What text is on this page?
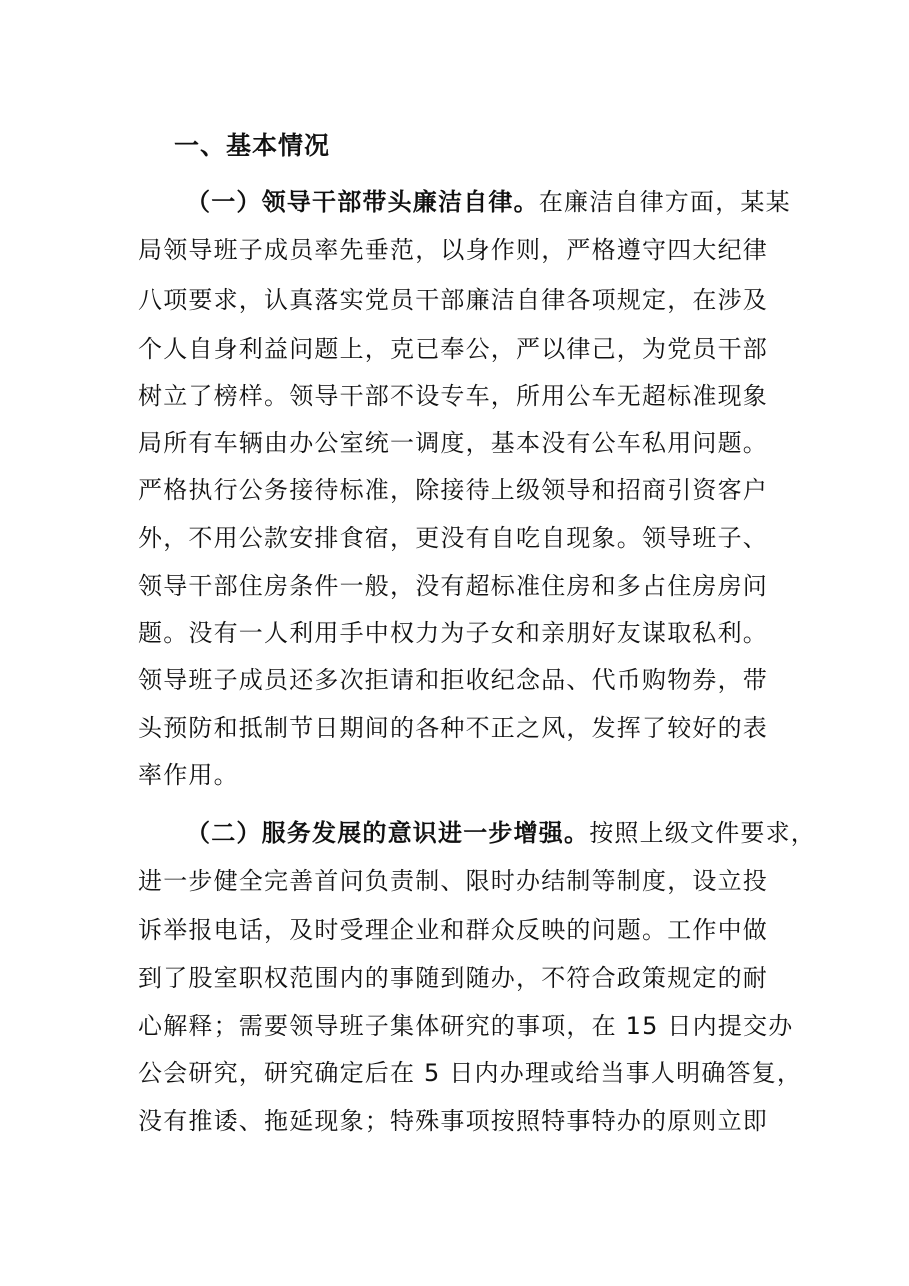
一、基本情况
（一）领导干部带头廉洁自律。在廉洁自律方面，某某
局领导班子成员率先垂范，以身作则，严格遵守四大纪律
八项要求，认真落实党员干部廉洁自律各项规定，在涉及
个人自身利益问题上，克已奉公，严以律己，为党员干部
树立了榜样。领导干部不设专车，所用公车无超标准现象
局所有车辆由办公室统一调度，基本没有公车私用问题。
严格执行公务接待标准，除接待上级领导和招商引资客户
外，不用公款安排食宿，更没有自吃自现象。领导班子、
领导干部住房条件一般，没有超标准住房和多占住房房问
题。没有一人利用手中权力为子女和亲朋好友谋取私利。
领导班子成员还多次拒请和拒收纪念品、代币购物券，带
头预防和抵制节日期间的各种不正之风，发挥了较好的表
率作用。
（二）服务发展的意识进一步增强。按照上级文件要求，
进一步健全完善首问负责制、限时办结制等制度，设立投
诉举报电话，及时受理企业和群众反映的问题。工作中做
到了股室职权范围内的事随到随办，不符合政策规定的耐
心解释；需要领导班子集体研究的事项，在 15 日内提交办
公会研究，研究确定后在 5 日内办理或给当事人明确答复，
没有推诿、拖延现象；特殊事项按照特事特办的原则立即
